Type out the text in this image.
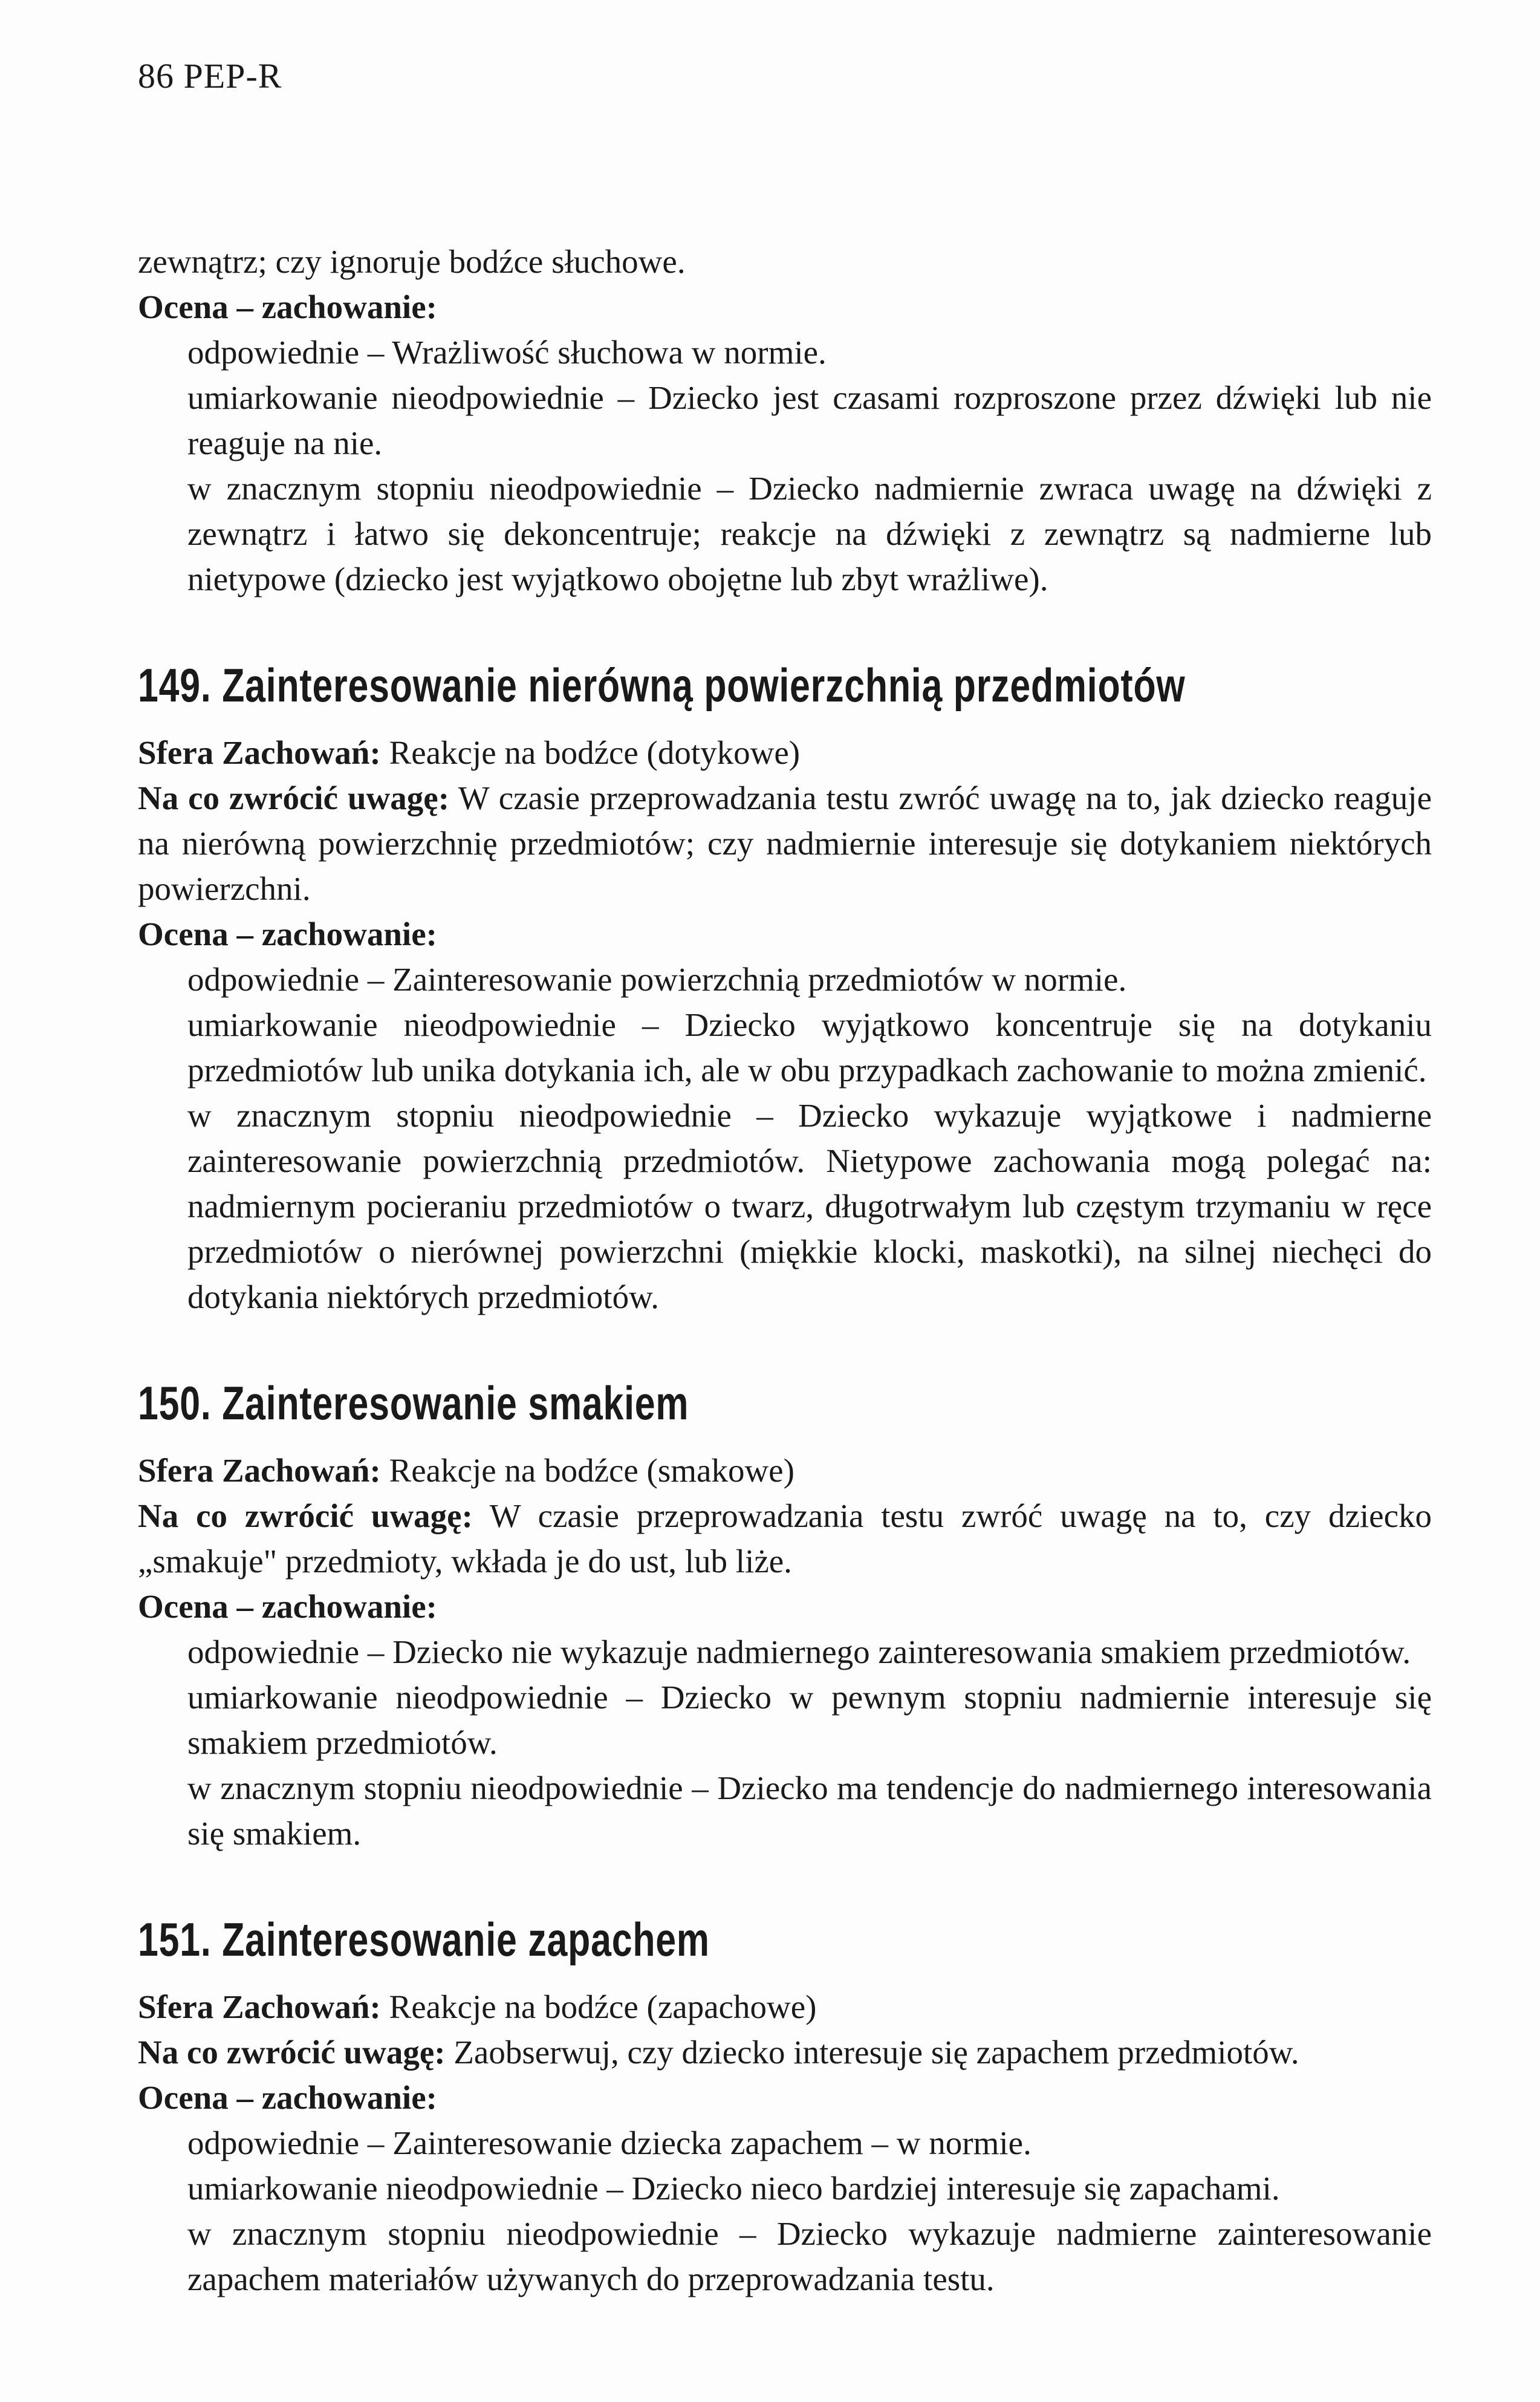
86 PEP-R

zewnątrz; czy ignoruje bodźce słuchowe.

Ocena – zachowanie:

odpowiednie – Wrażliwość słuchowa w normie.

umiarkowanie nieodpowiednie – Dziecko jest czasami rozproszone przez dźwięki lub nie reaguje na nie.

w znacznym stopniu nieodpowiednie – Dziecko nadmiernie zwraca uwagę na dźwięki z zewnątrz i łatwo się dekoncentruje; reakcje na dźwięki z zewnątrz są nadmierne lub nietypowe (dziecko jest wyjątkowo obojętne lub zbyt wrażliwe).

149. Zainteresowanie nierówną powierzchnią przedmiotów

Sfera Zachowań: Reakcje na bodźce (dotykowe)

Na co zwrócić uwagę: W czasie przeprowadzania testu zwróć uwagę na to, jak dziecko reaguje na nierówną powierzchnię przedmiotów; czy nadmiernie interesuje się dotykaniem niektórych powierzchni.

Ocena – zachowanie:

odpowiednie – Zainteresowanie powierzchnią przedmiotów w normie.

umiarkowanie nieodpowiednie – Dziecko wyjątkowo koncentruje się na dotykaniu przedmiotów lub unika dotykania ich, ale w obu przypadkach zachowanie to można zmienić.

w znacznym stopniu nieodpowiednie – Dziecko wykazuje wyjątkowe i nadmierne zainteresowanie powierzchnią przedmiotów. Nietypowe zachowania mogą polegać na: nadmiernym pocieraniu przedmiotów o twarz, długotrwałym lub częstym trzymaniu w ręce przedmiotów o nierównej powierzchni (miękkie klocki, maskotki), na silnej niechęci do dotykania niektórych przedmiotów.

150. Zainteresowanie smakiem

Sfera Zachowań: Reakcje na bodźce (smakowe)

Na co zwrócić uwagę: W czasie przeprowadzania testu zwróć uwagę na to, czy dziecko „smakuje" przedmioty, wkłada je do ust, lub liże.

Ocena – zachowanie:

odpowiednie – Dziecko nie wykazuje nadmiernego zainteresowania smakiem przedmiotów.

umiarkowanie nieodpowiednie – Dziecko w pewnym stopniu nadmiernie interesuje się smakiem przedmiotów.

w znacznym stopniu nieodpowiednie – Dziecko ma tendencje do nadmiernego interesowania się smakiem.

151. Zainteresowanie zapachem

Sfera Zachowań: Reakcje na bodźce (zapachowe)

Na co zwrócić uwagę: Zaobserwuj, czy dziecko interesuje się zapachem przedmiotów.

Ocena – zachowanie:

odpowiednie – Zainteresowanie dziecka zapachem – w normie.

umiarkowanie nieodpowiednie – Dziecko nieco bardziej interesuje się zapachami.

w znacznym stopniu nieodpowiednie – Dziecko wykazuje nadmierne zainteresowanie zapachem materiałów używanych do przeprowadzania testu.
